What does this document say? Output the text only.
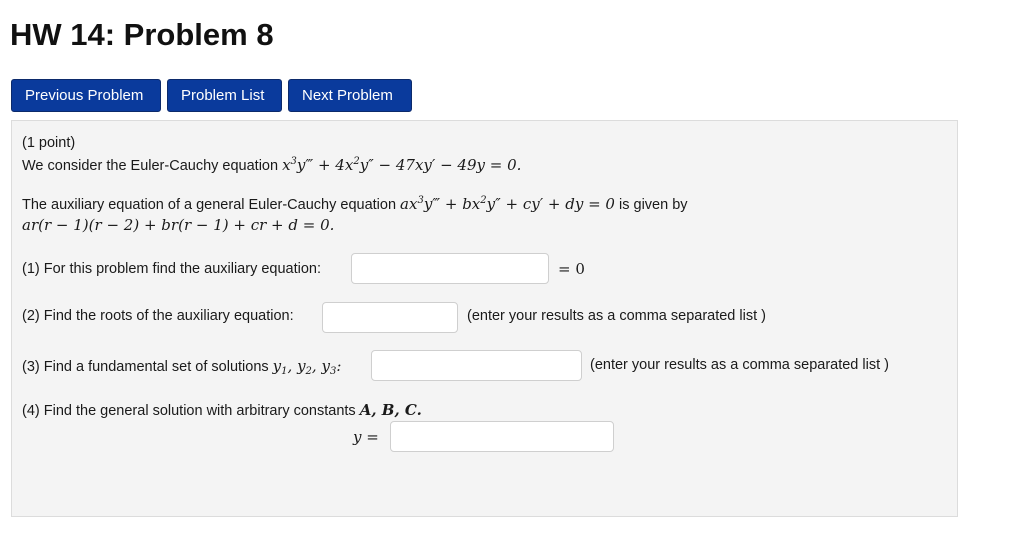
HW 14: Problem 8
Previous Problem	Problem List	Next Problem
(1 point)
We consider the Euler-Cauchy equation $x^3y‴ + 4x^2y'' - 47xy' - 49y = 0$.
The auxiliary equation of a general Euler-Cauchy equation $ax^3y‴ + bx^2y'' + cy'$ + dy = 0 is given by
ar(r − 1)(r − 2) + br(r − 1) + cr + d = 0.
(1) For this problem find the auxiliary equation:	= 0
(2) Find the roots of the auxiliary equation:	(enter your results as a comma separated list )
(3) Find a fundamental set of solutions $y_1$, $y_2$, $y_3$:	(enter your results as a comma separated list )
(4) Find the general solution with arbitrary constants A, B, C.
y =
